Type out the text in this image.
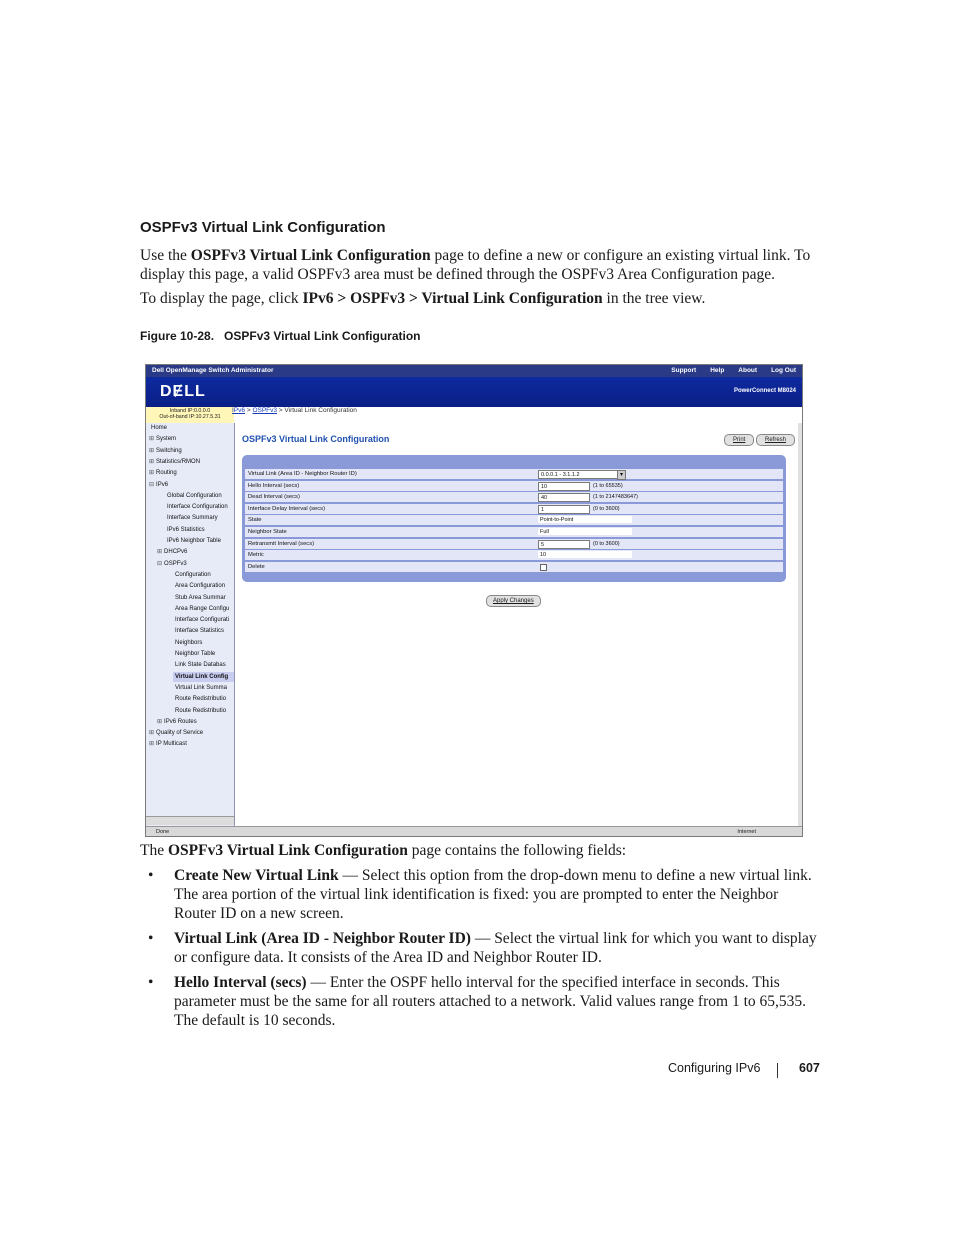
OSPFv3 Virtual Link Configuration
Use the OSPFv3 Virtual Link Configuration page to define a new or configure an existing virtual link. To display this page, a valid OSPFv3 area must be defined through the OSPFv3 Area Configuration page.
To display the page, click IPv6 > OSPFv3 > Virtual Link Configuration in the tree view.
Figure 10-28. OSPFv3 Virtual Link Configuration
Dell OpenManage Switch Administrator	Support Help About Log Out
DɆLL	PowerConnect M8024
Inband IP:0.0.0.0
Out-of-band IP:10.27.5.31
IPv6 > OSPFv3 > Virtual Link Configuration
Home
⊞ System
⊞ Switching
⊞ Statistics/RMON
⊞ Routing
⊟ IPv6
Global Configuration
Interface Configuration
Interface Summary
IPv6 Statistics
IPv6 Neighbor Table
⊞ DHCPv6
⊟ OSPFv3
Configuration
Area Configuration
Stub Area Summar
Area Range Configu
Interface Configurati
Interface Statistics
Neighbors
Neighbor Table
Link State Databas
Virtual Link Config
Virtual Link Summa
Route Redistributio
Route Redistributio
⊞ IPv6 Routes
⊞ Quality of Service
⊞ IP Multicast
OSPFv3 Virtual Link Configuration	Print	Refresh
Virtual Link (Area ID - Neighbor Router ID)	0.0.0.1 - 3.1.1.2	▾
Hello Interval (secs)	10	(1 to 65535)
Dead Interval (secs)	40	(1 to 2147483647)
Interface Delay Interval (secs)	1	(0 to 3600)
State	Point-to-Point
Neighbor State	Full
Retransmit Interval (secs)	5	(0 to 3600)
Metric	10
Delete
Apply Changes
Done	Internet
The OSPFv3 Virtual Link Configuration page contains the following fields:
• Create New Virtual Link — Select this option from the drop-down menu to define a new virtual link. The area portion of the virtual link identification is fixed: you are prompted to enter the Neighbor Router ID on a new screen.
• Virtual Link (Area ID - Neighbor Router ID) — Select the virtual link for which you want to display or configure data. It consists of the Area ID and Neighbor Router ID.
• Hello Interval (secs) — Enter the OSPF hello interval for the specified interface in seconds. This parameter must be the same for all routers attached to a network. Valid values range from 1 to 65,535. The default is 10 seconds.
Configuring IPv6	607
